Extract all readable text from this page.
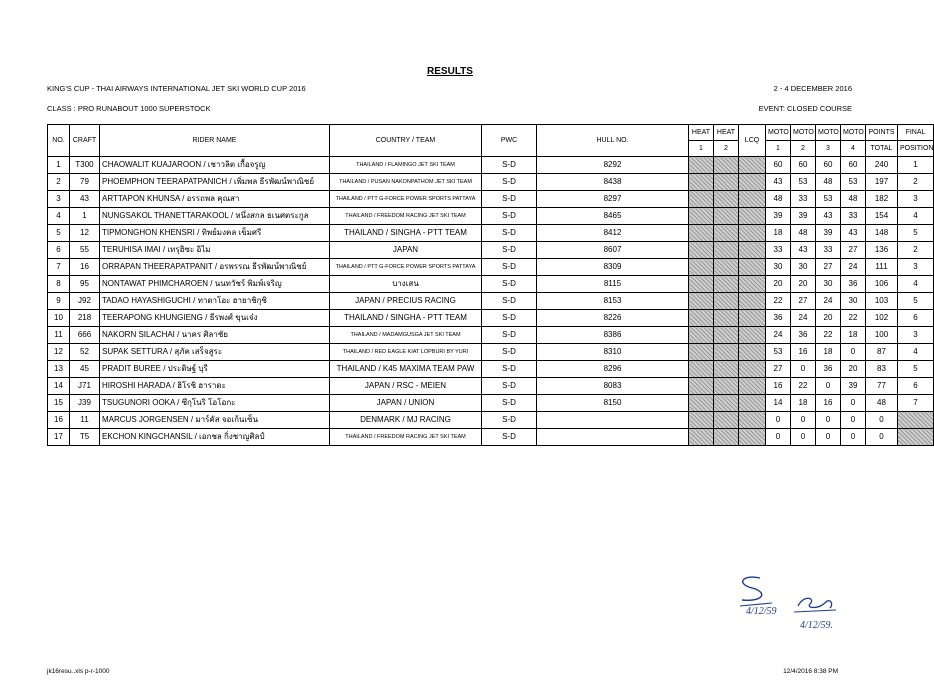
RESULTS
KING'S CUP - THAI AIRWAYS INTERNATIONAL JET SKI WORLD CUP 2016	2 - 4 DECEMBER 2016
CLASS : PRO RUNABOUT 1000 SUPERSTOCK	EVENT: CLOSED COURSE
NO.	CRAFT	RIDER NAME	COUNTRY / TEAM	PWC	HULL NO.	HEAT	HEAT	LCQ	MOTO	MOTO	MOTO	MOTO	POINTS	FINAL
						1	2		1	2	3	4	TOTAL	POSITION
1	T300	CHAOWALIT KUAJAROON / เชาวลิต เกื้อจรูญ	THAILAND / FLAMINGO JET SKI TEAM	S-D	8292				60	60	60	60	240	1
2	79	PHOEMPHON TEERAPATPANICH / เพิ่มพล ธีรพัฒน์พาณิชย์	THAILAND / PUSAN NAKONPATHOM JET SKI TEAM	S-D	8438				43	53	48	53	197	2
3	43	ARTTAPON KHUNSA / อรรถพล คุณสา	THAILAND / PTT G-FORCE POWER SPORTS PATTAYA	S-D	8297				48	33	53	48	182	3
4	1	NUNGSAKOL THANETTARAKOOL / หนึ่งสกล ธเนศตระกูล	THAILAND / FREEDOM RACING JET SKI TEAM	S-D	8465				39	39	43	33	154	4
5	12	TIPMONGHON KHENSRI / ทิพย์มงคล เข็มศรี	THAILAND / SINGHA - PTT TEAM	S-D	8412				18	48	39	43	148	5
6	55	TERUHISA IMAI / เทรุฮิซะ อิไม	JAPAN	S-D	8607				33	43	33	27	136	2
7	16	ORRAPAN THEERAPATPANIT / อรพรรณ ธีรพัฒน์พาณิชย์	THAILAND / PTT G-FORCE POWER SPORTS PATTAYA	S-D	8309				30	30	27	24	111	3
8	95	NONTAWAT PHIMCHAROEN / นนทวัชร์ พิมพ์เจริญ	บางเสน	S-D	8115				20	20	30	36	106	4
9	J92	TADAO HAYASHIGUCHI / ทาดาโอะ ฮายาชิกุชิ	JAPAN / PRECIUS RACING	S-D	8153				22	27	24	30	103	5
10	218	TEERAPONG KHUNGIENG / ธีรพงศ์ ขุนเจ๋ง	THAILAND / SINGHA - PTT TEAM	S-D	8226				36	24	20	22	102	6
11	666	NAKORN SILACHAI / นาคร ศิลาชัย	THAILAND / MADAMGUSGA JET SKI TEAM	S-D	8386				24	36	22	18	100	3
12	52	SUPAK SETTURA / สุภัค เสร็จสูระ	THAILAND / RED EAGLE KIAT LOPBURI BY YURI	S-D	8310				53	16	18	0	87	4
13	45	PRADIT BUREE / ประดิษฐ์ บุรี	THAILAND / K45 MAXIMA TEAM PAW	S-D	8296				27	0	36	20	83	5
14	J71	HIROSHI HARADA / ฮิโรชิ ฮาราดะ	JAPAN / RSC - MEIEN	S-D	8083				16	22	0	39	77	6
15	J39	TSUGUNORI OOKA / ซึกุโนริ โอโอกะ	JAPAN / UNION	S-D	8150				14	18	16	0	48	7
16	11	MARCUS JORGENSEN / มาร์คัส จอเก้นเซ็น	DENMARK / MJ RACING	S-D					0	0	0	0	0	
17	T5	EKCHON KINGCHANSIL / เอกชล กิ่งชาญศิลป์	THAILAND / FREEDOM RACING JET SKI TEAM	S-D					0	0	0	0	0	
4/12/59
4/12/59.
jk16resu..xls p-r-1000	12/4/2016 8:38 PM
